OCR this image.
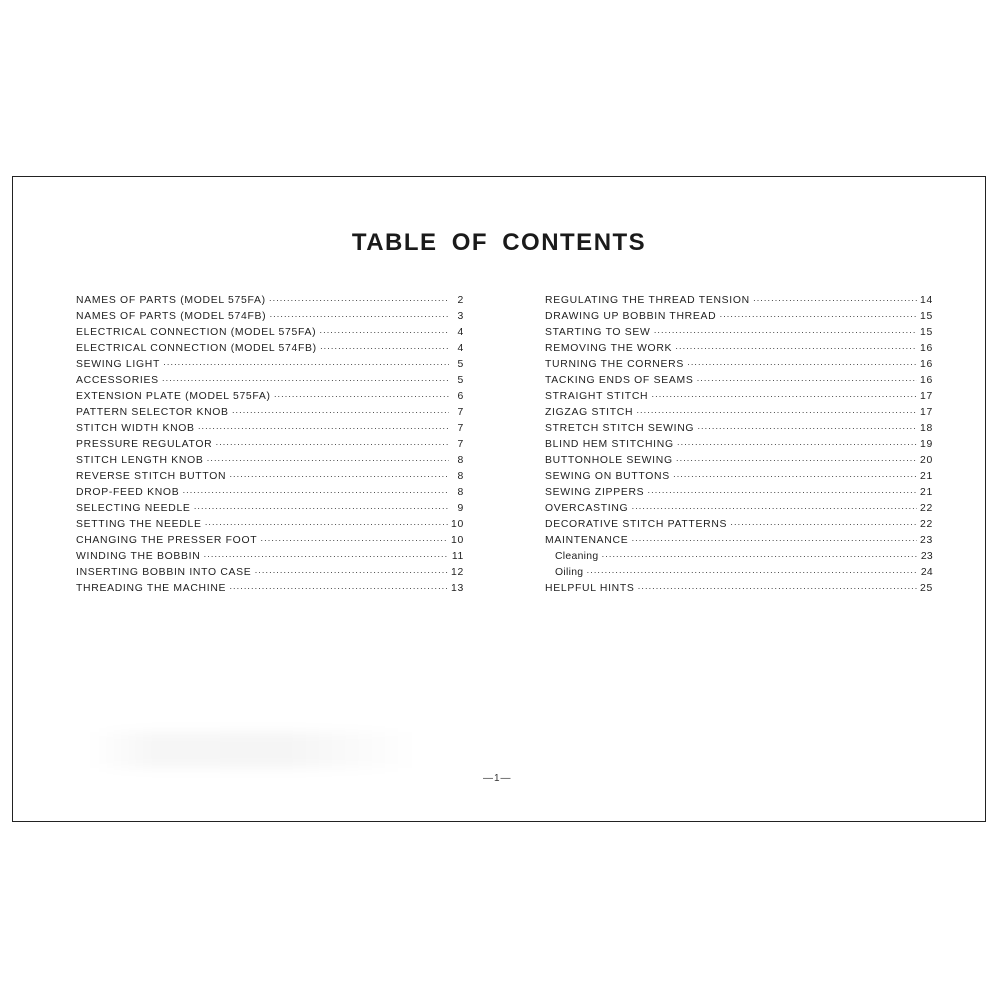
TABLE OF CONTENTS
NAMES OF PARTS (MODEL 575FA) ·····	2
NAMES OF PARTS (MODEL 574FB) ·····	3
ELECTRICAL CONNECTION (MODEL 575FA) ·····	4
ELECTRICAL CONNECTION (MODEL 574FB) ·····	4
SEWING LIGHT ·····	5
ACCESSORIES ·····	5
EXTENSION PLATE (MODEL 575FA) ·····	6
PATTERN SELECTOR KNOB ·····	7
STITCH WIDTH KNOB ·····	7
PRESSURE REGULATOR ·····	7
STITCH LENGTH KNOB ·····	8
REVERSE STITCH BUTTON ·····	8
DROP-FEED KNOB ·····	8
SELECTING NEEDLE ·····	9
SETTING THE NEEDLE ·····	10
CHANGING THE PRESSER FOOT ·····	10
WINDING THE BOBBIN ·····	11
INSERTING BOBBIN INTO CASE ·····	12
THREADING THE MACHINE ·····	13
REGULATING THE THREAD TENSION ·····	14
DRAWING UP BOBBIN THREAD ·····	15
STARTING TO SEW ·····	15
REMOVING THE WORK ·····	16
TURNING THE CORNERS ·····	16
TACKING ENDS OF SEAMS ·····	16
STRAIGHT STITCH ·····	17
ZIGZAG STITCH ·····	17
STRETCH STITCH SEWING ·····	18
BLIND HEM STITCHING ·····	19
BUTTONHOLE SEWING ·····	20
SEWING ON BUTTONS ·····	21
SEWING ZIPPERS ·····	21
OVERCASTING ·····	22
DECORATIVE STITCH PATTERNS ·····	22
MAINTENANCE ·····	23
Cleaning ·····	23
Oiling ·····	24
HELPFUL HINTS ·····	25
—1—
